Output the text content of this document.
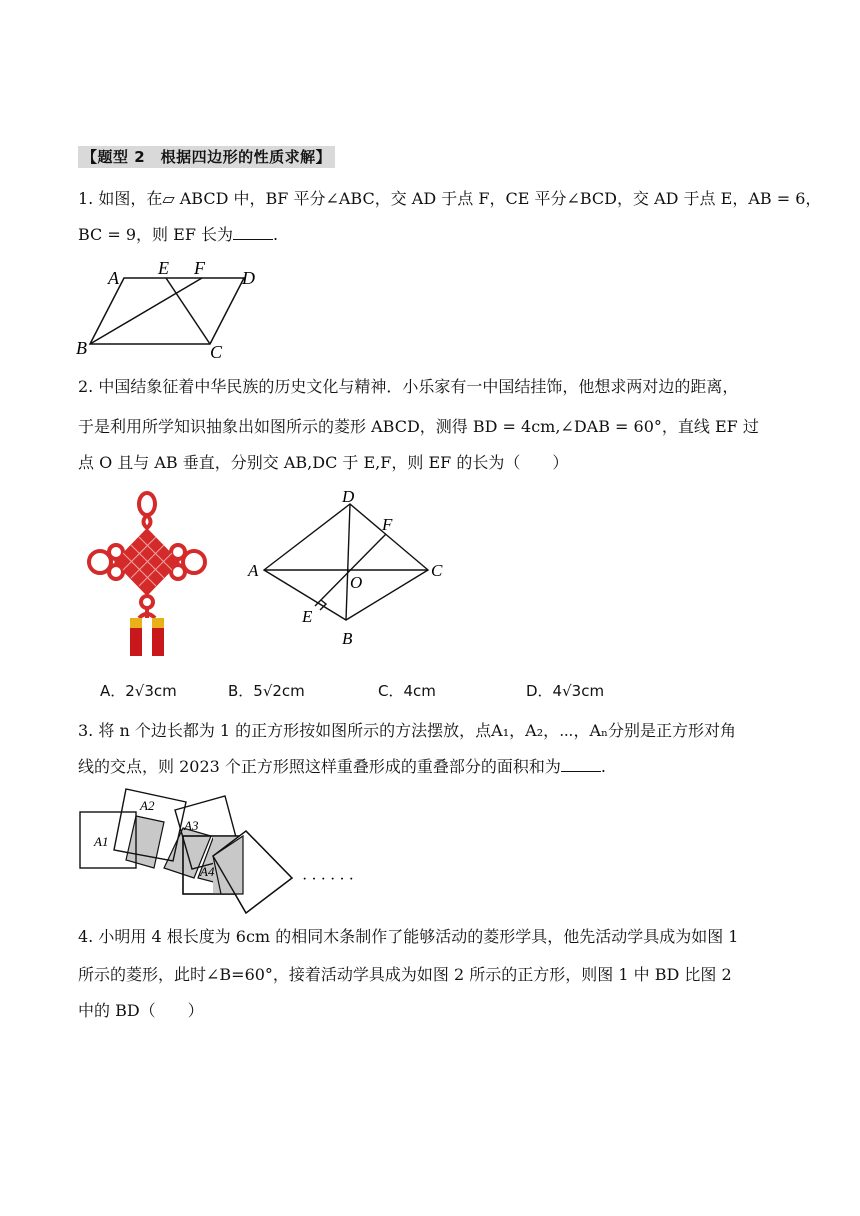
【题型 2　根据四边形的性质求解】
1. 如图，在▱ ABCD 中，BF 平分∠ABC，交 AD 于点 F，CE 平分∠BCD，交 AD 于点 E，AB = 6，
BC = 9，则 EF 长为	.
A E F D
B	C
2. 中国结象征着中华民族的历史文化与精神．小乐家有一中国结挂饰，他想求两对边的距离，
于是利用所学知识抽象出如图所示的菱形 ABCD，测得 BD = 4cm,∠DAB = 60°，直线 EF 过
点 O 且与 AB 垂直，分别交 AB,DC 于 E,F，则 EF 的长为（　　）
D
F
A
O
C
E
B
A．2√3cm	B．5√2cm	C．4cm	D．4√3cm
3. 将 n 个边长都为 1 的正方形按如图所示的方法摆放，点A₁，A₂，⋯，Aₙ分别是正方形对角
线的交点，则 2023 个正方形照这样重叠形成的重叠部分的面积和为	.
A1
A2
A3
A4	· · · · · ·
4. 小明用 4 根长度为 6cm 的相同木条制作了能够活动的菱形学具，他先活动学具成为如图 1
所示的菱形，此时∠B=60°，接着活动学具成为如图 2 所示的正方形，则图 1 中 BD 比图 2
中的 BD（　　）
